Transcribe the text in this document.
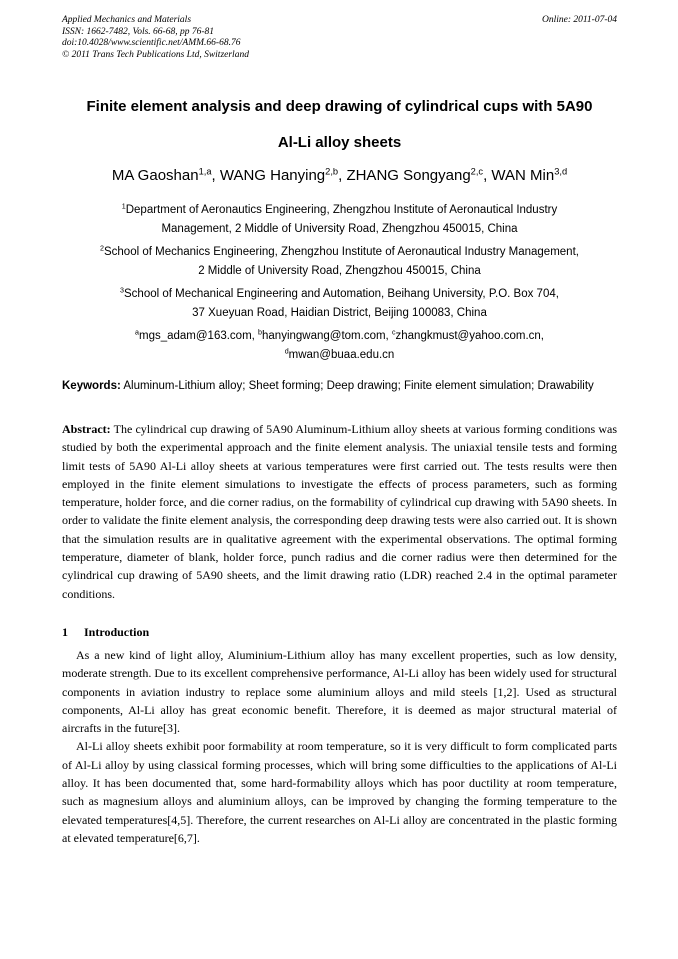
Applied Mechanics and Materials
ISSN: 1662-7482, Vols. 66-68, pp 76-81
doi:10.4028/www.scientific.net/AMM.66-68.76
© 2011 Trans Tech Publications Ltd, Switzerland
Online: 2011-07-04
Finite element analysis and deep drawing of cylindrical cups with 5A90
Al-Li alloy sheets
MA Gaoshan$^{1,a}$, WANG Hanying$^{2,b}$, ZHANG Songyang$^{2,c}$, WAN Min$^{3,d}$
$^1$Department of Aeronautics Engineering, Zhengzhou Institute of Aeronautical Industry
Management, 2 Middle of University Road, Zhengzhou 450015, China
$^2$School of Mechanics Engineering, Zhengzhou Institute of Aeronautical Industry Management,
2 Middle of University Road, Zhengzhou 450015, China
$^3$School of Mechanical Engineering and Automation, Beihang University, P.O. Box 704,
37 Xueyuan Road, Haidian District, Beijing 100083, China
$^a$mgs_adam@163.com, $^b$hanyingwang@tom.com, $^c$zhangkmust@yahoo.com.cn,
$^d$mwan@buaa.edu.cn
Keywords: Aluminum-Lithium alloy; Sheet forming; Deep drawing; Finite element simulation; Drawability
Abstract: The cylindrical cup drawing of 5A90 Aluminum-Lithium alloy sheets at various forming conditions was studied by both the experimental approach and the finite element analysis. The uniaxial tensile tests and forming limit tests of 5A90 Al-Li alloy sheets at various temperatures were first carried out. The tests results were then employed in the finite element simulations to investigate the effects of process parameters, such as forming temperature, holder force, and die corner radius, on the formability of cylindrical cup drawing with 5A90 sheets. In order to validate the finite element analysis, the corresponding deep drawing tests were also carried out. It is shown that the simulation results are in qualitative agreement with the experimental observations. The optimal forming temperature, diameter of blank, holder force, punch radius and die corner radius were then determined for the cylindrical cup drawing of 5A90 sheets, and the limit drawing ratio (LDR) reached 2.4 in the optimal parameter conditions.
1 Introduction

As a new kind of light alloy, Aluminium-Lithium alloy has many excellent properties, such as low density, moderate strength. Due to its excellent comprehensive performance, Al-Li alloy has been widely used for structural components in aviation industry to replace some aluminium alloys and mild steels [1,2]. Used as structural components, Al-Li alloy has great economic benefit. Therefore, it is deemed as major structural material of aircrafts in the future[3].

Al-Li alloy sheets exhibit poor formability at room temperature, so it is very difficult to form complicated parts of Al-Li alloy by using classical forming processes, which will bring some difficulties to the applications of Al-Li alloy. It has been documented that, some hard-formability alloys which has poor ductility at room temperature, such as magnesium alloys and aluminium alloys, can be improved by changing the forming temperature to the elevated temperatures[4,5]. Therefore, the current researches on Al-Li alloy are concentrated in the plastic forming at elevated temperature[6,7].
